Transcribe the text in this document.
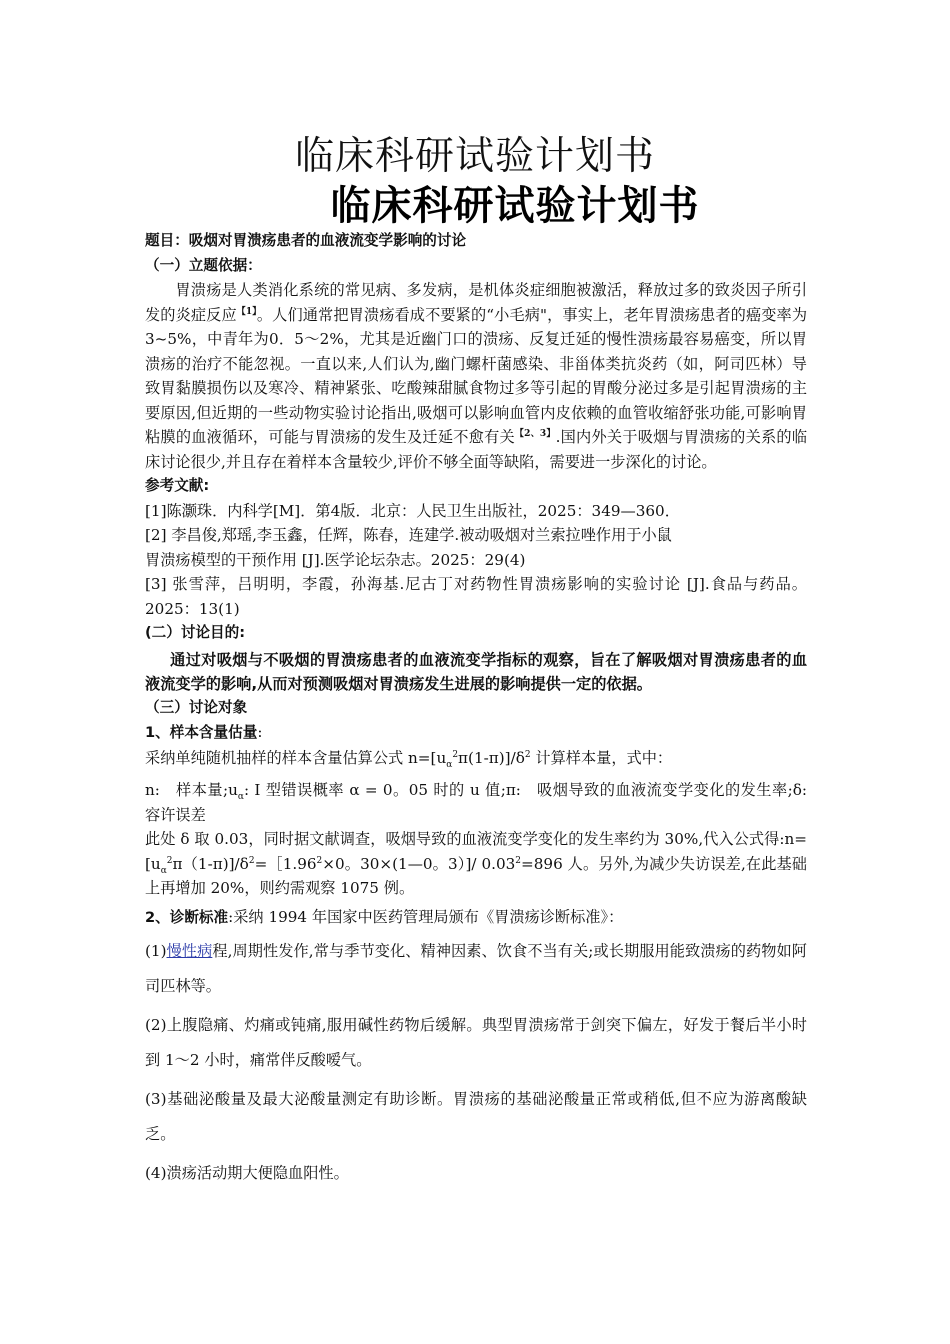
临床科研试验计划书
临床科研试验计划书

题目：吸烟对胃溃疡患者的血液流变学影响的讨论

（一）立题依据：

胃溃疡是人类消化系统的常见病、多发病，是机体炎症细胞被激活，释放过多的致炎因子所引发的炎症反应$^{【1】}$。人们通常把胃溃疡看成不要紧的“小毛病"，事实上，老年胃溃疡患者的癌变率为3~5%，中青年为0．5～2%，尤其是近幽门口的溃疡、反复迁延的慢性溃疡最容易癌变，所以胃溃疡的治疗不能忽视。一直以来,人们认为,幽门螺杆菌感染、非甾体类抗炎药（如，阿司匹林）导致胃黏膜损伤以及寒冷、精神紧张、吃酸辣甜腻食物过多等引起的胃酸分泌过多是引起胃溃疡的主要原因,但近期的一些动物实验讨论指出,吸烟可以影响血管内皮依赖的血管收缩舒张功能,可影响胃粘膜的血液循环，可能与胃溃疡的发生及迁延不愈有关$^{【2、3】}$.国内外关于吸烟与胃溃疡的关系的临床讨论很少,并且存在着样本含量较少,评价不够全面等缺陷，需要进一步深化的讨论。

参考文献:

[1]陈灏珠．内科学[M]．第4版．北京：人民卫生出版社，2025：349—360．

[2] 李昌俊,郑瑶,李玉鑫，任辉，陈春，连建学.被动吸烟对兰索拉唑作用于小鼠

胃溃疡模型的干预作用 [J].医学论坛杂志。2025：29(4)

[3] 张雪萍，吕明明，李霞，孙海基.尼古丁对药物性胃溃疡影响的实验讨论 [J].食品与药品。2025：13(1)

(二）讨论目的:

通过对吸烟与不吸烟的胃溃疡患者的血液流变学指标的观察，旨在了解吸烟对胃溃疡患者的血液流变学的影响,从而对预测吸烟对胃溃疡发生进展的影响提供一定的依据。

（三）讨论对象

1、样本含量估量:

采纳单纯随机抽样的样本含量估算公式 $n=[u_\alpha^2\pi(1-\pi)]/\delta^2$ 计算样本量，式中：

n:　样本量$;u_\alpha$: I 型错误概率 α = 0。05 时的 u 值;π:　吸烟导致的血液流变学变化的发生率;δ:　容许误差

此处 δ 取 0.03，同时据文献调查，吸烟导致的血液流变学变化的发生率约为 30%,代入公式得$:n=[u_\alpha^2\pi(1-\pi)]/\delta^2=[1.96^2\times 0$。30×(1—0。3）]/ $0.03^2=896$ 人。另外,为减少失访误差,在此基础上再增加 20%，则约需观察 1075 例。

2、诊断标准:采纳 1994 年国家中医药管理局颁布《胃溃疡诊断标准》：

(1)慢性病程,周期性发作,常与季节变化、精神因素、饮食不当有关;或长期服用能致溃疡的药物如阿司匹林等。

(2)上腹隐痛、灼痛或钝痛,服用碱性药物后缓解。典型胃溃疡常于剑突下偏左，好发于餐后半小时到 1～2 小时，痛常伴反酸嗳气。

(3)基础泌酸量及最大泌酸量测定有助诊断。胃溃疡的基础泌酸量正常或稍低,但不应为游离酸缺乏。

(4)溃疡活动期大便隐血阳性。
